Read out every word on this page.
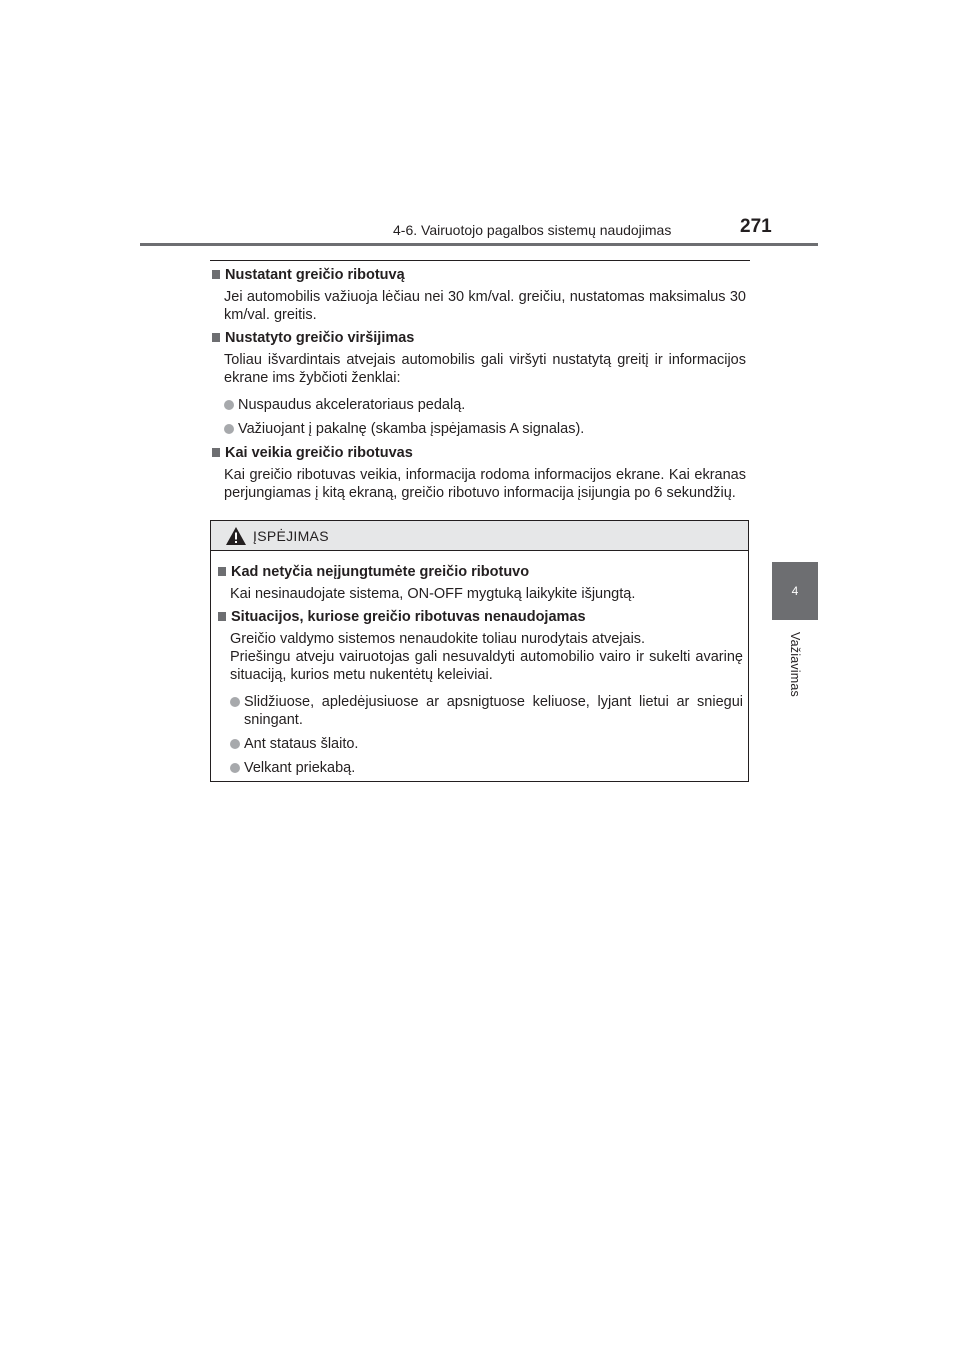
4-6. Vairuotojo pagalbos sistemų naudojimas	271
4
Važiavimas
Nustatant greičio ribotuvą
Jei automobilis važiuoja lėčiau nei 30 km/val. greičiu, nustatomas maksimalus 30 km/val. greitis.
Nustatyto greičio viršijimas
Toliau išvardintais atvejais automobilis gali viršyti nustatytą greitį ir informacijos ekrane ims žybčioti ženklai:
Nuspaudus akceleratoriaus pedalą.
Važiuojant į pakalnę (skamba įspėjamasis A signalas).
Kai veikia greičio ribotuvas
Kai greičio ribotuvas veikia, informacija rodoma informacijos ekrane. Kai ekranas perjungiamas į kitą ekraną, greičio ribotuvo informacija įsijungia po 6 sekundžių.
ĮSPĖJIMAS
Kad netyčia neįjungtumėte greičio ribotuvo
Kai nesinaudojate sistema, ON-OFF mygtuką laikykite išjungtą.
Situacijos, kuriose greičio ribotuvas nenaudojamas
Greičio valdymo sistemos nenaudokite toliau nurodytais atvejais.
Priešingu atveju vairuotojas gali nesuvaldyti automobilio vairo ir sukelti avarinę situaciją, kurios metu nukentėtų keleiviai.
Slidžiuose, apledėjusiuose ar apsnigtuose keliuose, lyjant lietui ar sniegui sningant.
Ant stataus šlaito.
Velkant priekabą.
